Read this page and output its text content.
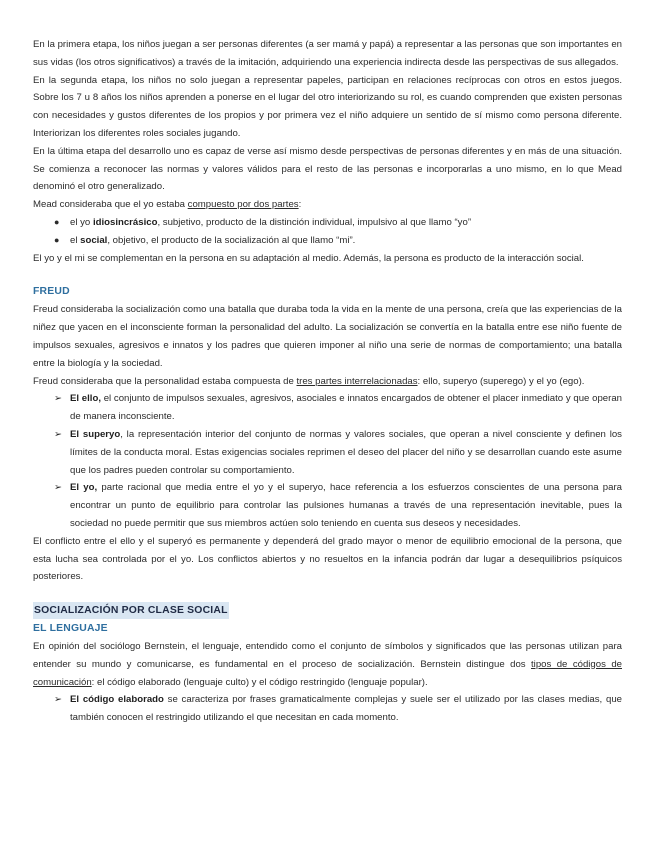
En la primera etapa, los niños juegan a ser personas diferentes (a ser mamá y papá) a representar a las personas que son importantes en sus vidas (los otros significativos) a través de la imitación, adquiriendo una experiencia indirecta desde las perspectivas de sus allegados.

En la segunda etapa, los niños no solo juegan a representar papeles, participan en relaciones recíprocas con otros en estos juegos. Sobre los 7 u 8 años los niños aprenden a ponerse en el lugar del otro interiorizando su rol, es cuando comprenden que existen personas con necesidades y gustos diferentes de los propios y por primera vez el niño adquiere un sentido de sí mismo como persona diferente. Interiorizan los diferentes roles sociales jugando.

En la última etapa del desarrollo uno es capaz de verse así mismo desde perspectivas de personas diferentes y en más de una situación. Se comienza a reconocer las normas y valores válidos para el resto de las personas e incorporarlas a uno mismo, en lo que Mead denominó el otro generalizado.

Mead consideraba que el yo estaba compuesto por dos partes:

● el yo idiosincrásico, subjetivo, producto de la distinción individual, impulsivo al que llamo “yo”
● el social, objetivo, el producto de la socialización al que llamo “mi”.

El yo y el mi se complementan en la persona en su adaptación al medio. Además, la persona es producto de la interacción social.

FREUD

Freud consideraba la socialización como una batalla que duraba toda la vida en la mente de una persona, creía que las experiencias de la niñez que yacen en el inconsciente forman la personalidad del adulto. La socialización se convertía en la batalla entre ese niño fuente de impulsos sexuales, agresivos e innatos y los padres que quieren imponer al niño una serie de normas de comportamiento; una batalla entre la biología y la sociedad.

Freud consideraba que la personalidad estaba compuesta de tres partes interrelacionadas: ello, superyo (superego) y el yo (ego).

➢ El ello, el conjunto de impulsos sexuales, agresivos, asociales e innatos encargados de obtener el placer inmediato y que operan de manera inconsciente.
➢ El superyo, la representación interior del conjunto de normas y valores sociales, que operan a nivel consciente y definen los límites de la conducta moral. Estas exigencias sociales reprimen el deseo del placer del niño y se desarrollan cuando este asume que los padres pueden controlar su comportamiento.
➢ El yo, parte racional que media entre el yo y el superyo, hace referencia a los esfuerzos conscientes de una persona para encontrar un punto de equilibrio para controlar las pulsiones humanas a través de una representación inevitable, pues la sociedad no puede permitir que sus miembros actúen solo teniendo en cuenta sus deseos y necesidades.

El conflicto entre el ello y el superyó es permanente y dependerá del grado mayor o menor de equilibrio emocional de la persona, que esta lucha sea controlada por el yo. Los conflictos abiertos y no resueltos en la infancia podrán dar lugar a desequilibrios psíquicos posteriores.

SOCIALIZACIÓN POR CLASE SOCIAL
EL LENGUAJE

En opinión del sociólogo Bernstein, el lenguaje, entendido como el conjunto de símbolos y significados que las personas utilizan para entender su mundo y comunicarse, es fundamental en el proceso de socialización. Bernstein distingue dos tipos de códigos de comunicación: el código elaborado (lenguaje culto) y el código restringido (lenguaje popular).

➢ El código elaborado se caracteriza por frases gramaticalmente complejas y suele ser el utilizado por las clases medias, que también conocen el restringido utilizando el que necesitan en cada momento.
